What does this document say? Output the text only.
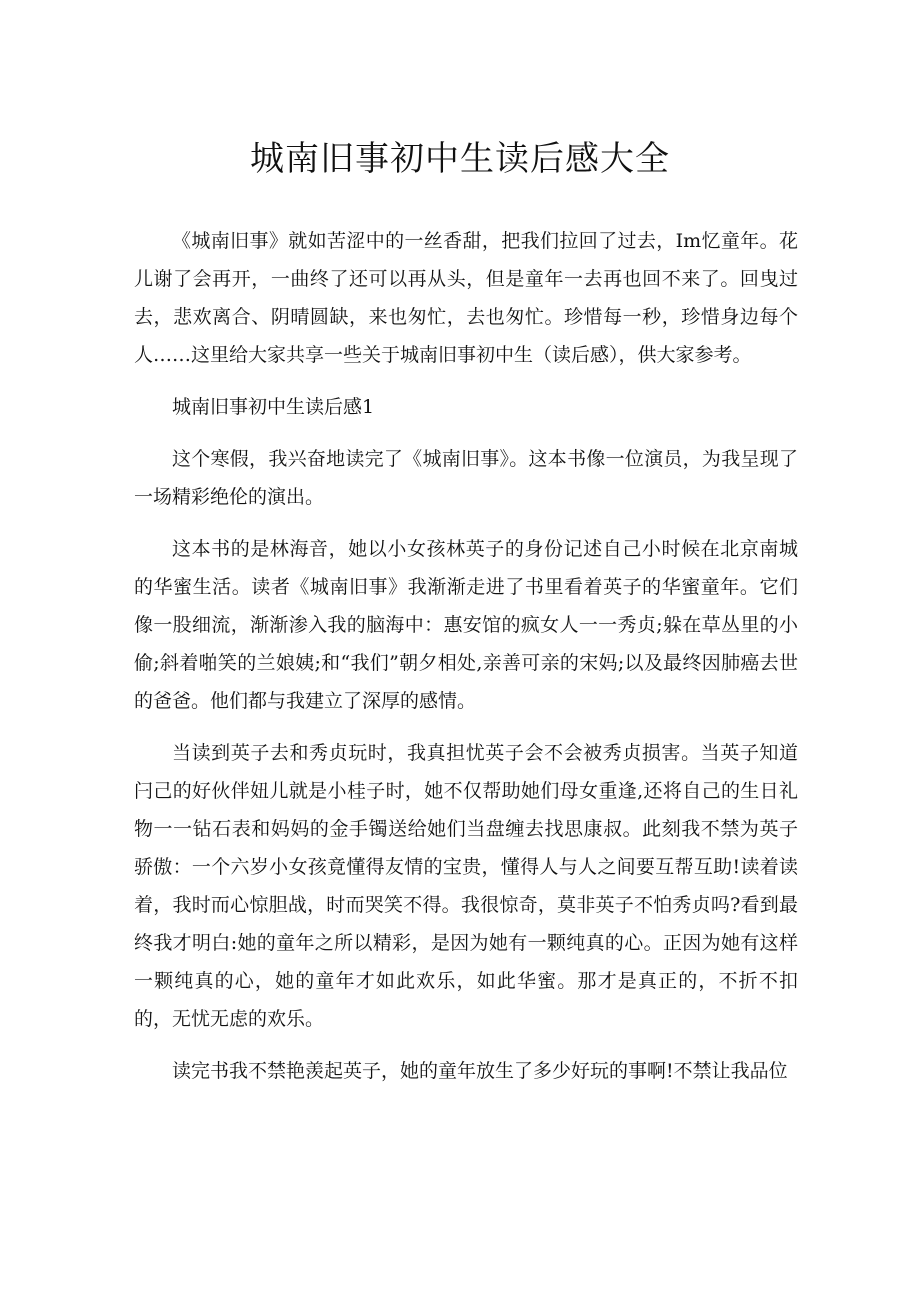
城南旧事初中生读后感大全

《城南旧事》就如苦涩中的一丝香甜，把我们拉回了过去，Im忆童年。花儿谢了会再开，一曲终了还可以再从头，但是童年一去再也回不来了。回曳过去，悲欢离合、阴晴圆缺，来也匆忙，去也匆忙。珍惜每一秒，珍惜身边每个人……这里给大家共享一些关于城南旧事初中生（读后感），供大家参考。

城南旧事初中生读后感1

这个寒假，我兴奋地读完了《城南旧事》。这本书像一位演员，为我呈现了一场精彩绝伦的演出。

这本书的是林海音，她以小女孩林英子的身份记述自己小时候在北京南城的华蜜生活。读者《城南旧事》我渐渐走进了书里看着英子的华蜜童年。它们像一股细流，渐渐渗入我的脑海中：惠安馆的疯女人一一秀贞;躲在草丛里的小偷;斜着啪笑的兰娘姨;和“我们”朝夕相处,亲善可亲的宋妈;以及最终因肺癌去世的爸爸。他们都与我建立了深厚的感情。

当读到英子去和秀贞玩时，我真担忧英子会不会被秀贞损害。当英子知道闩己的好伙伴妞儿就是小桂子时，她不仅帮助她们母女重逢,还将自己的生日礼物一一钻石表和妈妈的金手镯送给她们当盘缠去找思康叔。此刻我不禁为英子骄傲：一个六岁小女孩竟懂得友情的宝贵，懂得人与人之间要互帮互助!读着读着，我时而心惊胆战，时而哭笑不得。我很惊奇，莫非英子不怕秀贞吗?看到最终我才明白:她的童年之所以精彩，是因为她有一颗纯真的心。正因为她有这样一颗纯真的心，她的童年才如此欢乐，如此华蜜。那才是真正的，不折不扣的，无忧无虑的欢乐。

读完书我不禁艳羡起英子，她的童年放生了多少好玩的事啊!不禁让我品位
